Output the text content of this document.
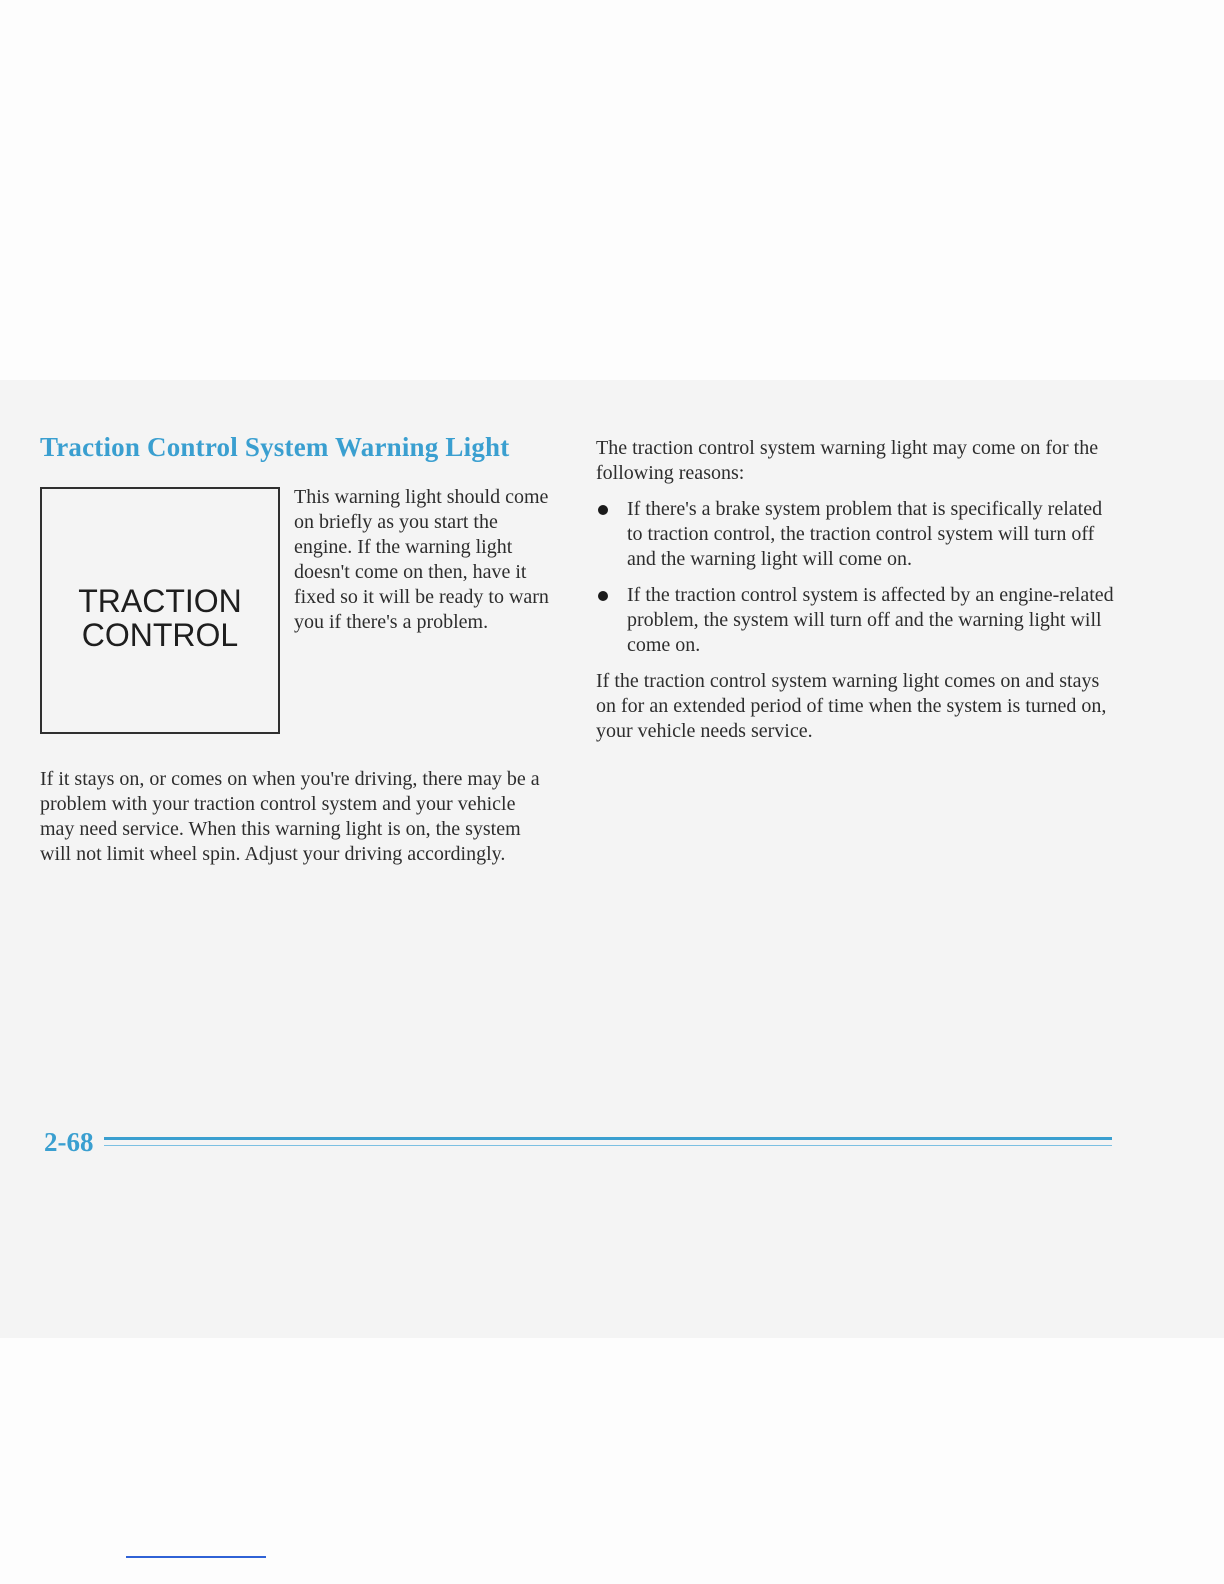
Traction Control System Warning Light
TRACTION
CONTROL

This warning light should come on briefly as you start the engine. If the warning light doesn't come on then, have it fixed so it will be ready to warn you if there's a problem.

If it stays on, or comes on when you're driving, there may be a problem with your traction control system and your vehicle may need service. When this warning light is on, the system will not limit wheel spin. Adjust your driving accordingly.

The traction control system warning light may come on for the following reasons:

If there's a brake system problem that is specifically related to traction control, the traction control system will turn off and the warning light will come on.
If the traction control system is affected by an engine-related problem, the system will turn off and the warning light will come on.

If the traction control system warning light comes on and stays on for an extended period of time when the system is turned on, your vehicle needs service.

2-68
